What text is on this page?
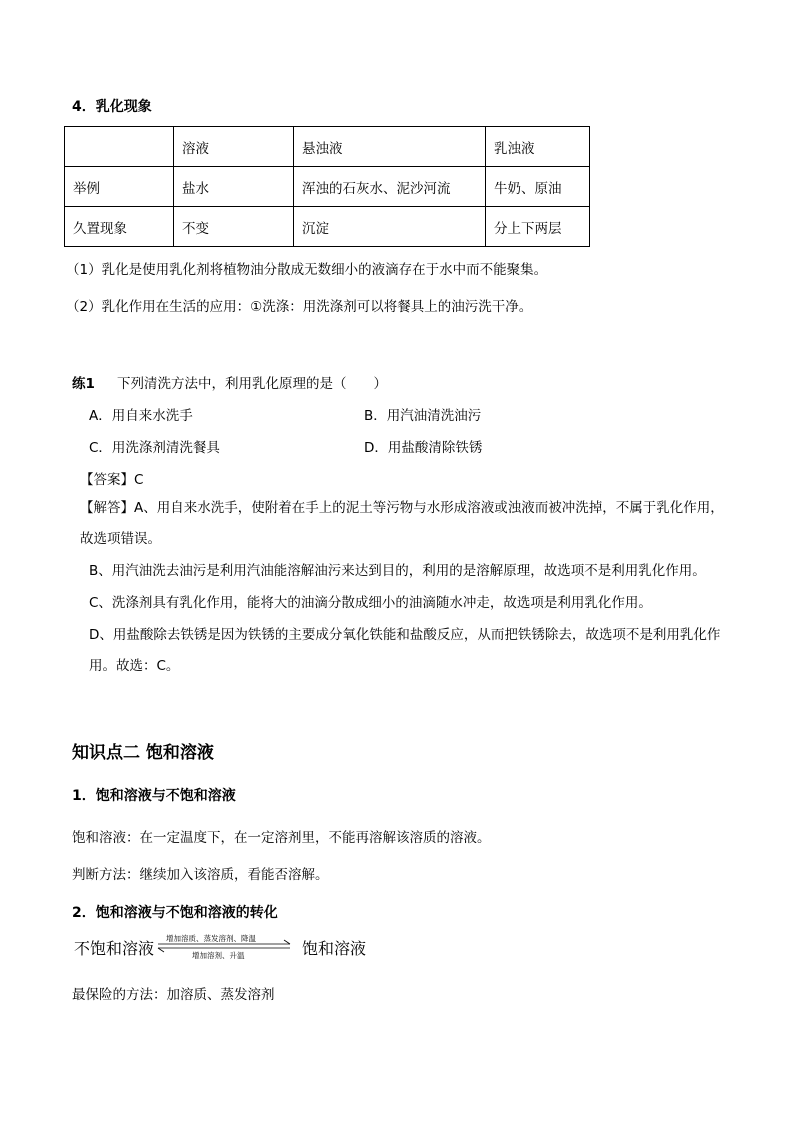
4．乳化现象
	溶液	悬浊液	乳浊液
举例	盐水	浑浊的石灰水、泥沙河流	牛奶、原油
久置现象	不变	沉淀	分上下两层
（1）乳化是使用乳化剂将植物油分散成无数细小的液滴存在于水中而不能聚集。
（2）乳化作用在生活的应用：①洗涤：用洗涤剂可以将餐具上的油污洗干净。
练1 下列清洗方法中，利用乳化原理的是（　　）
A．用自来水洗手	B．用汽油清洗油污
C．用洗涤剂清洗餐具	D．用盐酸清除铁锈
【答案】C
【解答】A、用自来水洗手，使附着在手上的泥土等污物与水形成溶液或浊液而被冲洗掉，不属于乳化作用，故选项错误。
B、用汽油洗去油污是利用汽油能溶解油污来达到目的，利用的是溶解原理，故选项不是利用乳化作用。
C、洗涤剂具有乳化作用，能将大的油滴分散成细小的油滴随水冲走，故选项是利用乳化作用。
D、用盐酸除去铁锈是因为铁锈的主要成分氧化铁能和盐酸反应，从而把铁锈除去，故选项不是利用乳化作用。故选：C。
知识点二 饱和溶液
1．饱和溶液与不饱和溶液
饱和溶液：在一定温度下，在一定溶剂里，不能再溶解该溶质的溶液。
判断方法：继续加入该溶质，看能否溶解。
2．饱和溶液与不饱和溶液的转化
不饱和溶液
增加溶质、蒸发溶剂、降温
增加溶剂、升温	饱和溶液
最保险的方法：加溶质、蒸发溶剂
